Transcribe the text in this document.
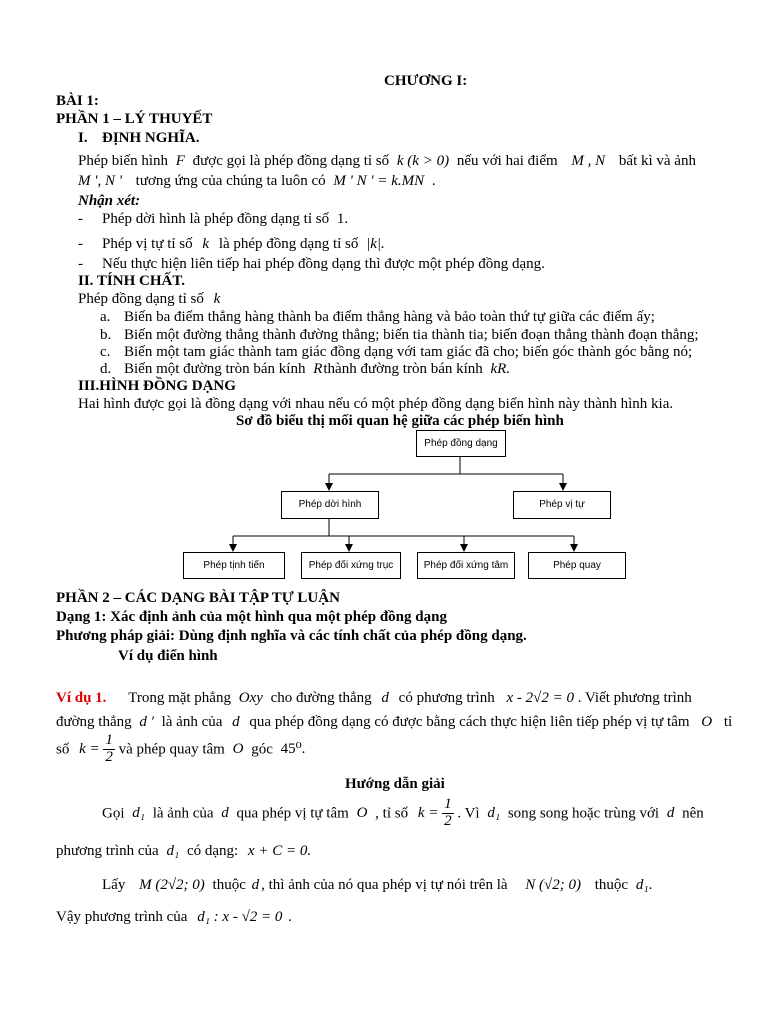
CHƯƠNG I:
BÀI 1:
PHẦN 1 – LÝ THUYẾT
I. ĐỊNH NGHĨA.
Phép biến hình F được gọi là phép đồng dạng tỉ số k (k > 0) nếu với hai điểm M , N bất kì và ảnh
M ', N ' tương ứng của chúng ta luôn có M ' N ' = k.MN .
Nhận xét:
- Phép dời hình là phép đồng dạng tỉ số 1.
- Phép vị tự tỉ số k là phép đồng dạng tỉ số |k|.
- Nếu thực hiện liên tiếp hai phép đồng dạng thì được một phép đồng dạng.
II. TÍNH CHẤT.
Phép đồng dạng tỉ số k
a. Biến ba điểm thẳng hàng thành ba điểm thẳng hàng và bảo toàn thứ tự giữa các điểm ấy;
b. Biến một đường thẳng thành đường thẳng; biến tia thành tia; biến đoạn thẳng thành đoạn thẳng;
c. Biến một tam giác thành tam giác đồng dạng với tam giác đã cho; biến góc thành góc bằng nó;
d. Biến một đường tròn bán kính Rthành đường tròn bán kính kR.
III.HÌNH ĐỒNG DẠNG
Hai hình được gọi là đồng dạng với nhau nếu có một phép đồng dạng biến hình này thành hình kia.
Sơ đồ biểu thị mối quan hệ giữa các phép biến hình
Phép đồng dạng
Phép dời hình	Phép vị tự
Phép tịnh tiến	Phép đối xứng trục	Phép đối xứng tâm	Phép quay
PHẦN 2 – CÁC DẠNG BÀI TẬP TỰ LUẬN
Dạng 1: Xác định ảnh của một hình qua một phép đồng dạng
Phương pháp giải: Dùng định nghĩa và các tính chất của phép đồng dạng.
Ví dụ điển hình
Ví dụ 1. Trong mặt phẳng Oxy cho đường thẳng d có phương trình x - 2√2 = 0 . Viết phương trình
đường thẳng d ' là ảnh của d qua phép đồng dạng có được bằng cách thực hiện liên tiếp phép vị tự tâm O tỉ
số $k = \frac{1}{2}$ và phép quay tâm O góc 45⁰.
Hướng dẫn giải
Gọi d₁ là ảnh của d qua phép vị tự tâm O , tỉ số $k = \frac{1}{2}$ . Vì d₁ song song hoặc trùng với d nên
phương trình của d₁ có dạng: x + C = 0.
Lấy M (2√2; 0) thuộc d , thì ảnh của nó qua phép vị tự nói trên là N (√2; 0) thuộc d₁.
Vậy phương trình của d₁ : x - √2 = 0 .
